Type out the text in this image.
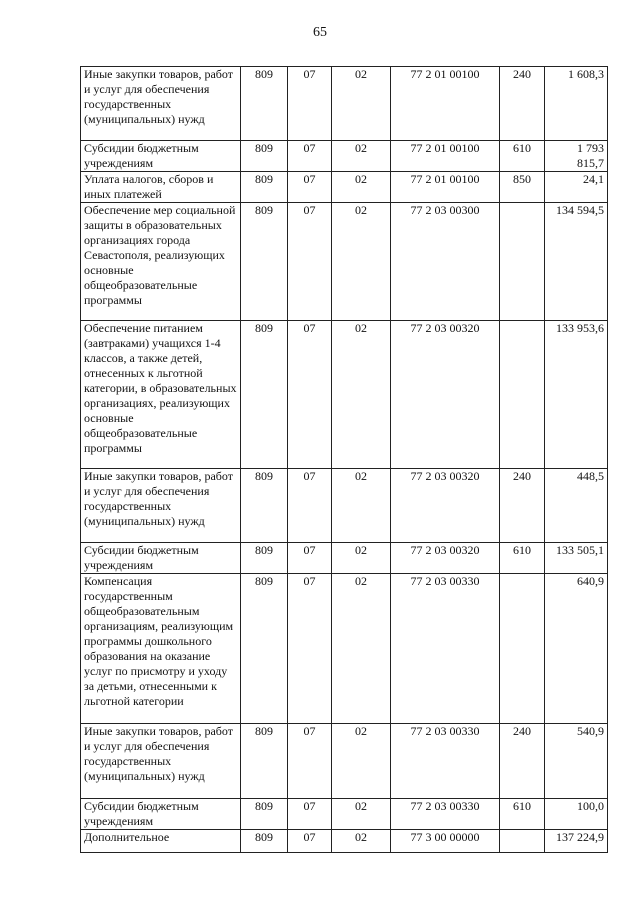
65
Иные закупки товаров, работ и услуг для обеспечения государственных (муниципальных) нужд	809	07	02	77 2 01 00100	240	1 608,3
Субсидии бюджетным учреждениям	809	07	02	77 2 01 00100	610	1 793 815,7
Уплата налогов, сборов и иных платежей	809	07	02	77 2 01 00100	850	24,1
Обеспечение мер социальной защиты в образовательных организациях города Севастополя, реализующих основные общеобразовательные программы	809	07	02	77 2 03 00300		134 594,5
Обеспечение питанием (завтраками) учащихся 1-4 классов, а также детей, отнесенных к льготной категории, в образовательных организациях, реализующих основные общеобразовательные программы	809	07	02	77 2 03 00320		133 953,6
Иные закупки товаров, работ и услуг для обеспечения государственных (муниципальных) нужд	809	07	02	77 2 03 00320	240	448,5
Субсидии бюджетным учреждениям	809	07	02	77 2 03 00320	610	133 505,1
Компенсация государственным общеобразовательным организациям, реализующим программы дошкольного образования на оказание услуг по присмотру и уходу за детьми, отнесенными к льготной категории	809	07	02	77 2 03 00330		640,9
Иные закупки товаров, работ и услуг для обеспечения государственных (муниципальных) нужд	809	07	02	77 2 03 00330	240	540,9
Субсидии бюджетным учреждениям	809	07	02	77 2 03 00330	610	100,0
Дополнительное	809	07	02	77 3 00 00000		137 224,9
